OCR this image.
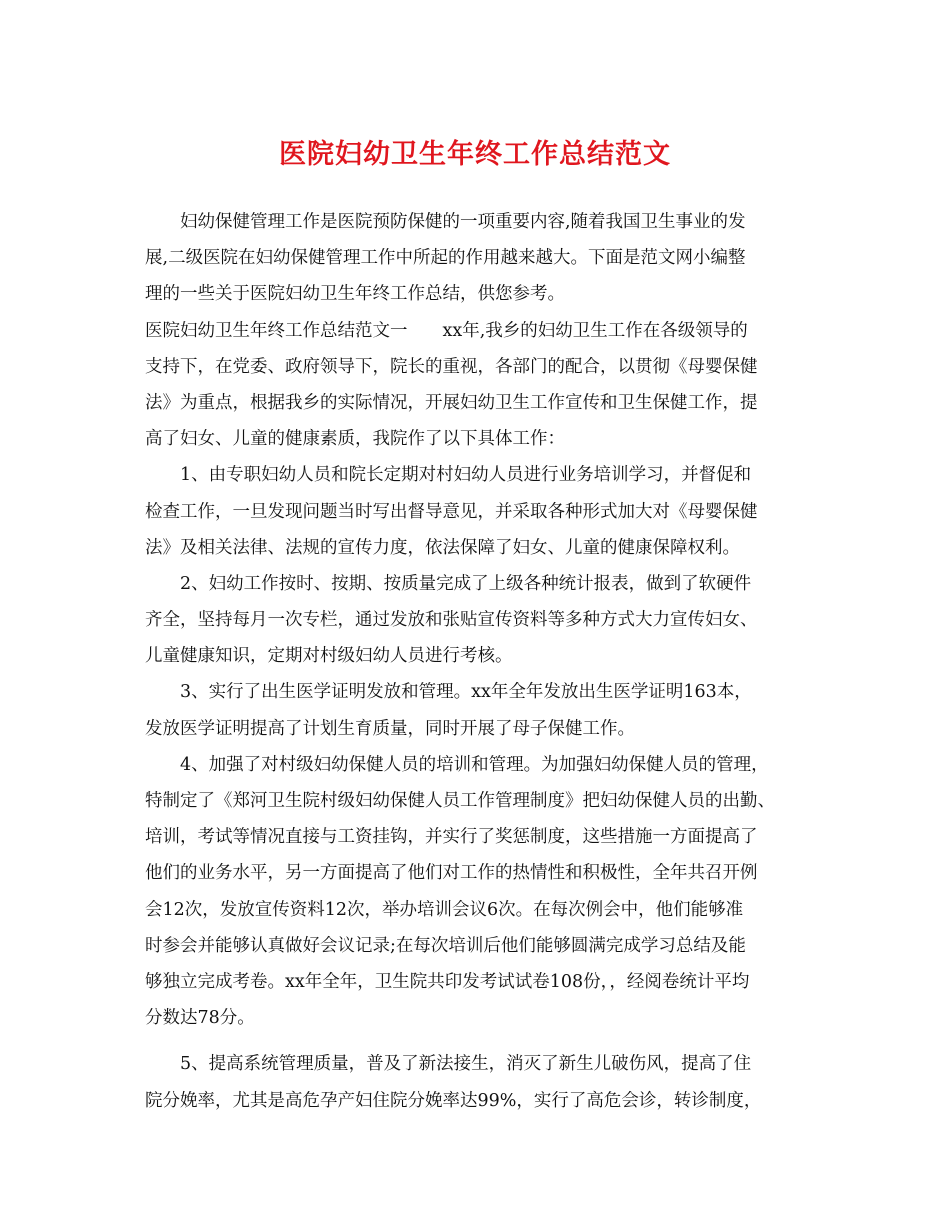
医院妇幼卫生年终工作总结范文
妇幼保健管理工作是医院预防保健的一项重要内容,随着我国卫生事业的发
展,二级医院在妇幼保健管理工作中所起的作用越来越大。下面是范文网小编整
理的一些关于医院妇幼卫生年终工作总结，供您参考。
医院妇幼卫生年终工作总结范文一　　xx年,我乡的妇幼卫生工作在各级领导的
支持下，在党委、政府领导下，院长的重视，各部门的配合，以贯彻《母婴保健
法》为重点，根据我乡的实际情况，开展妇幼卫生工作宣传和卫生保健工作，提
高了妇女、儿童的健康素质，我院作了以下具体工作：
1、由专职妇幼人员和院长定期对村妇幼人员进行业务培训学习，并督促和
检查工作，一旦发现问题当时写出督导意见，并采取各种形式加大对《母婴保健
法》及相关法律、法规的宣传力度，依法保障了妇女、儿童的健康保障权利。
2、妇幼工作按时、按期、按质量完成了上级各种统计报表，做到了软硬件
齐全，坚持每月一次专栏，通过发放和张贴宣传资料等多种方式大力宣传妇女、
儿童健康知识，定期对村级妇幼人员进行考核。
3、实行了出生医学证明发放和管理。xx年全年发放出生医学证明163本，
发放医学证明提高了计划生育质量，同时开展了母子保健工作。
4、加强了对村级妇幼保健人员的培训和管理。为加强妇幼保健人员的管理，
特制定了《郑河卫生院村级妇幼保健人员工作管理制度》把妇幼保健人员的出勤、
培训，考试等情况直接与工资挂钩，并实行了奖惩制度，这些措施一方面提高了
他们的业务水平，另一方面提高了他们对工作的热情性和积极性，全年共召开例
会12次，发放宣传资料12次，举办培训会议6次。在每次例会中，他们能够准
时参会并能够认真做好会议记录;在每次培训后他们能够圆满完成学习总结及能
够独立完成考卷。xx年全年，卫生院共印发考试试卷108份，，经阅卷统计平均
分数达78分。
5、提高系统管理质量，普及了新法接生，消灭了新生儿破伤风，提高了住
院分娩率，尤其是高危孕产妇住院分娩率达99%，实行了高危会诊，转诊制度，
